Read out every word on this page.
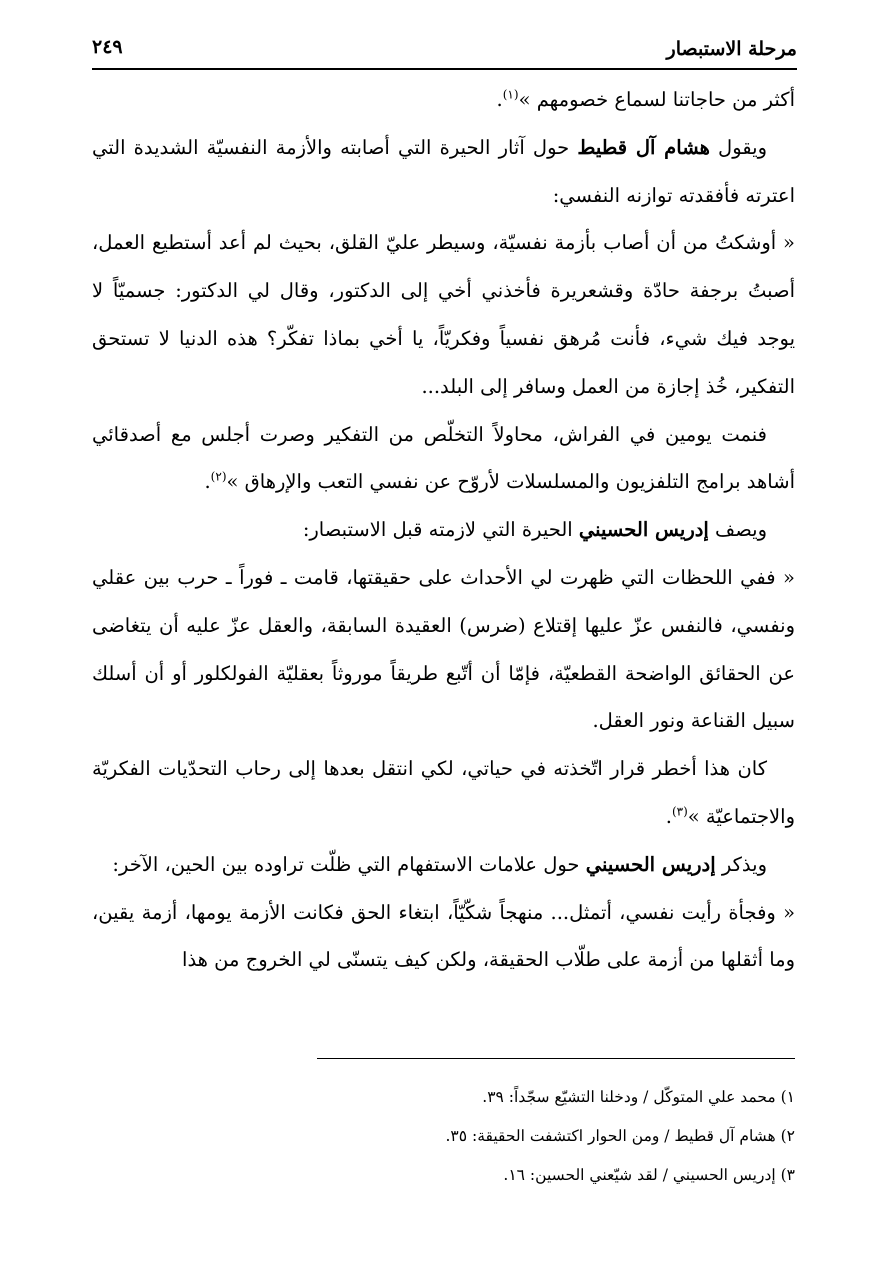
مرحلة الاستبصار
٢٤٩

أكثر من حاجاتنا لسماع خصومهم »$^{(١)}$.

ويقول هشام آل قطيط حول آثار الحيرة التي أصابته والأزمة النفسيّة الشديدة التي اعترته فأفقدته توازنه النفسي:

« أوشكتُ من أن أصاب بأزمة نفسيّة، وسيطر عليّ القلق، بحيث لم أعد أستطيع العمل، أصبتُ برجفة حادّة وقشعريرة فأخذني أخي إلى الدكتور، وقال لي الدكتور: جسميّاً لا يوجد فيك شيء، فأنت مُرهق نفسياً وفكريّاً، يا أخي بماذا تفكّر؟ هذه الدنيا لا تستحق التفكير، خُذ إجازة من العمل وسافر إلى البلد...

فنمت يومين في الفراش، محاولاً التخلّص من التفكير وصرت أجلس مع أصدقائي أشاهد برامج التلفزيون والمسلسلات لأروّح عن نفسي التعب والإرهاق »$^{(٢)}$.

ويصف إدريس الحسيني الحيرة التي لازمته قبل الاستبصار:

« ففي اللحظات التي ظهرت لي الأحداث على حقيقتها، قامت ـ فوراً ـ حرب بين عقلي ونفسي، فالنفس عزّ عليها إقتلاع (ضرس) العقيدة السابقة، والعقل عزّ عليه أن يتغاضى عن الحقائق الواضحة القطعيّة، فإمّا أن أتّبع طريقاً موروثاً بعقليّة الفولكلور أو أن أسلك سبيل القناعة ونور العقل.

كان هذا أخطر قرار اتّخذته في حياتي، لكي انتقل بعدها إلى رحاب التحدّيات الفكريّة والاجتماعيّة »$^{(٣)}$.

ويذكر إدريس الحسيني حول علامات الاستفهام التي ظلّت تراوده بين الحين، الآخر:

« وفجأة رأيت نفسي، أتمثل... منهجاً شكّيّاً، ابتغاء الحق فكانت الأزمة يومها، أزمة يقين، وما أثقلها من أزمة على طلّاب الحقيقة، ولكن كيف يتسنّى لي الخروج من هذا

١) محمد علي المتوكّل / ودخلنا التشيّع سجّداً: ٣٩.

٢) هشام آل قطيط / ومن الحوار اكتشفت الحقيقة: ٣٥.

٣) إدريس الحسيني / لقد شيّعني الحسين: ١٦.
